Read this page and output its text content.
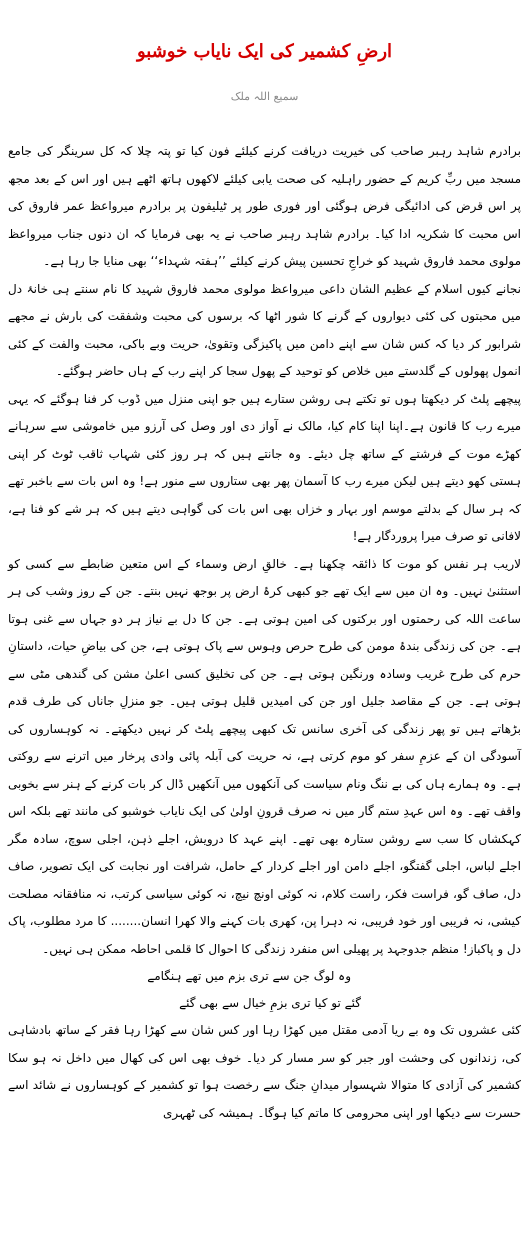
ارضِ کشمیر کی ایک نایاب خوشبو
سمیع اللہ ملک

برادرم شاہد رہبر صاحب کی خیریت دریافت کرنے کیلئے فون کیا تو پتہ چلا کہ کل سرینگر کی جامع مسجد میں ربِّ کریم کے حضور راہلیہ کی صحت یابی کیلئے لاکھوں ہاتھ اٹھے ہیں اور اس کے بعد مجھ پر اس قرض کی ادائیگی فرض ہوگئی اور فوری طور پر ٹیلیفون پر برادرم میرواعظ عمر فاروق کی اس محبت کا شکریہ ادا کیا۔ برادرم شاہد رہبر صاحب نے یہ بھی فرمایا کہ ان دنوں جناب میرواعظ مولوی محمد فاروق شہید کو خراجِ تحسین پیش کرنے کیلئے ’’ہفتہ شہداء‘‘ بھی منایا جا رہا ہے۔

نجانے کیوں اسلام کے عظیم الشان داعی میرواعظ مولوی محمد فاروق شہید کا نام سنتے ہی خانۂ دل میں محبتوں کی کئی دیواروں کے گرنے کا شور اٹھا کہ برسوں کی محبت وشفقت کی بارش نے مجھے شرابور کر دیا کہ کس شان سے اپنے دامن میں پاکیزگی وتقویٰ، حریت وبے باکی، محبت والفت کے کئی انمول پھولوں کے گلدستے میں خلاص کو توحید کے پھول سجا کر اپنے رب کے ہاں حاضر ہوگئے۔

پیچھے پلٹ کر دیکھتا ہوں تو تکتے ہی روشن ستارے ہیں جو اپنی منزل میں ڈوب کر فنا ہوگئے کہ یہی میرے رب کا قانون ہے۔اپنا اپنا کام کیا، مالک نے آواز دی اور وصل کی آرزو میں خاموشی سے سرہانے کھڑے موت کے فرشتے کے ساتھ چل دیئے۔ وہ جانتے ہیں کہ ہر روز کئی شہاب ثاقب ٹوٹ کر اپنی ہستی کھو دیتے ہیں لیکن میرے رب کا آسمان پھر بھی ستاروں سے منور ہے! وہ اس بات سے باخبر تھے کہ ہر سال کے بدلتے موسم اور بہار و خزاں بھی اس بات کی گواہی دیتے ہیں کہ ہر شے کو فنا ہے، لافانی تو صرف میرا پروردگار ہے!

لاریب ہر نفس کو موت کا ذائقہ چکھنا ہے۔ خالقِ ارض وسماء کے اس متعین ضابطے سے کسی کو استثنیٰ نہیں۔ وہ ان میں سے ایک تھے جو کبھی کرۂ ارض پر بوجھ نہیں بنتے۔ جن کے روز وشب کی ہر ساعت اللہ کی رحمتوں اور برکتوں کی امین ہوتی ہے۔ جن کا دل بے نیاز ہر دو جہاں سے غنی ہوتا ہے۔ جن کی زندگی بندۂ مومن کی طرح حرص وہوس سے پاک ہوتی ہے، جن کی بیاضِ حیات، داستانِ حرم کی طرح غریب وسادہ ورنگین ہوتی ہے۔ جن کی تخلیق کسی اعلیٰ مشن کی گندھی مٹی سے ہوتی ہے۔ جن کے مقاصد جلیل اور جن کی امیدیں قلیل ہوتی ہیں۔ جو منزلِ جاناں کی طرف قدم بڑھاتے ہیں تو پھر زندگی کی آخری سانس تک کبھی پیچھے پلٹ کر نہیں دیکھتے۔ نہ کوہساروں کی آسودگی ان کے عزمِ سفر کو موم کرتی ہے، نہ حریت کی آبلہ پائی وادی پرخار میں اترنے سے روکتی ہے۔ وہ ہمارے ہاں کی بے ننگ ونام سیاست کی آنکھوں میں آنکھیں ڈال کر بات کرنے کے ہنر سے بخوبی واقف تھے۔ وہ اس عہدِ ستم گار میں نہ صرف قرونِ اولیٰ کی ایک نایاب خوشبو کی مانند تھے بلکہ اس کہکشاں کا سب سے روشن ستارہ بھی تھے۔ اپنے عہد کا درویش، اجلے ذہن، اجلی سوچ، سادہ مگر اجلے لباس، اجلی گفتگو، اجلے دامن اور اجلے کردار کے حامل، شرافت اور نجابت کی ایک تصویر، صاف دل، صاف گو، فراست فکر، راست کلام، نہ کوئی اونچ نیچ، نہ کوئی سیاسی کرتب، نہ منافقانہ مصلحت کیشی، نہ فریبی اور خود فریبی، نہ دہرا پن، کھری بات کہنے والا کھرا انسان........ کا مرد مطلوب، پاک دل و پاکباز! منظم جدوجہد پر پھیلی اس منفرد زندگی کا احوال کا قلمی احاطہ ممکن ہی نہیں۔

وہ لوگ جن سے تری بزم میں تھے ہنگامے
گئے تو کیا تری بزمِ خیال سے بھی گئے

کئی عشروں تک وہ بے ریا آدمی مقتل میں کھڑا رہا اور کس شان سے کھڑا رہا فقر کے ساتھ بادشاہی کی، زندانوں کی وحشت اور جبر کو سر مسار کر دیا۔ خوف بھی اس کی کھال میں داخل نہ ہو سکا کشمیر کی آزادی کا متوالا شہسوار میدانِ جنگ سے رخصت ہوا تو کشمیر کے کوہساروں نے شائد اسے حسرت سے دیکھا اور اپنی محرومی کا ماتم کیا ہوگا۔ ہمیشہ کی ٹھہری
